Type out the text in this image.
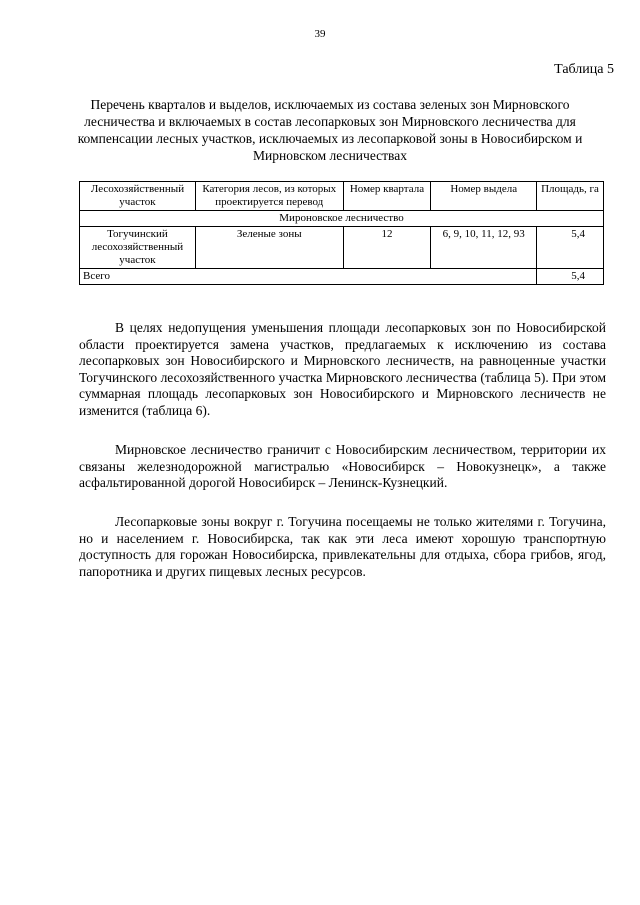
39
Таблица 5
Перечень кварталов и выделов, исключаемых из состава зеленых зон Мирновского лесничества и включаемых в состав лесопарковых зон Мирновского лесничества для компенсации лесных участков, исключаемых из лесопарковой зоны в Новосибирском и Мирновском лесничествах
Лесохозяйственный участок	Категория лесов, из которых проектируется перевод	Номер квартала	Номер выдела	Площадь, га
Мироновское лесничество				
Тогучинский лесохозяйственный участок	Зеленые зоны	12	6, 9, 10, 11, 12, 93	5,4
Всего				5,4

В целях недопущения уменьшения площади лесопарковых зон по Новосибирской области проектируется замена участков, предлагаемых к исключению из состава лесопарковых зон Новосибирского и Мирновского лесничеств, на равноценные участки Тогучинского лесохозяйственного участка Мирновского лесничества (таблица 5). При этом суммарная площадь лесопарковых зон Новосибирского и Мирновского лесничеств не изменится (таблица 6).

Мирновское лесничество граничит с Новосибирским лесничеством, территории их связаны железнодорожной магистралью «Новосибирск – Новокузнецк», а также асфальтированной дорогой Новосибирск – Ленинск-Кузнецкий.

Лесопарковые зоны вокруг г. Тогучина посещаемы не только жителями г. Тогучина, но и населением г. Новосибирска, так как эти леса имеют хорошую транспортную доступность для горожан Новосибирска, привлекательны для отдыха, сбора грибов, ягод, папоротника и других пищевых лесных ресурсов.
